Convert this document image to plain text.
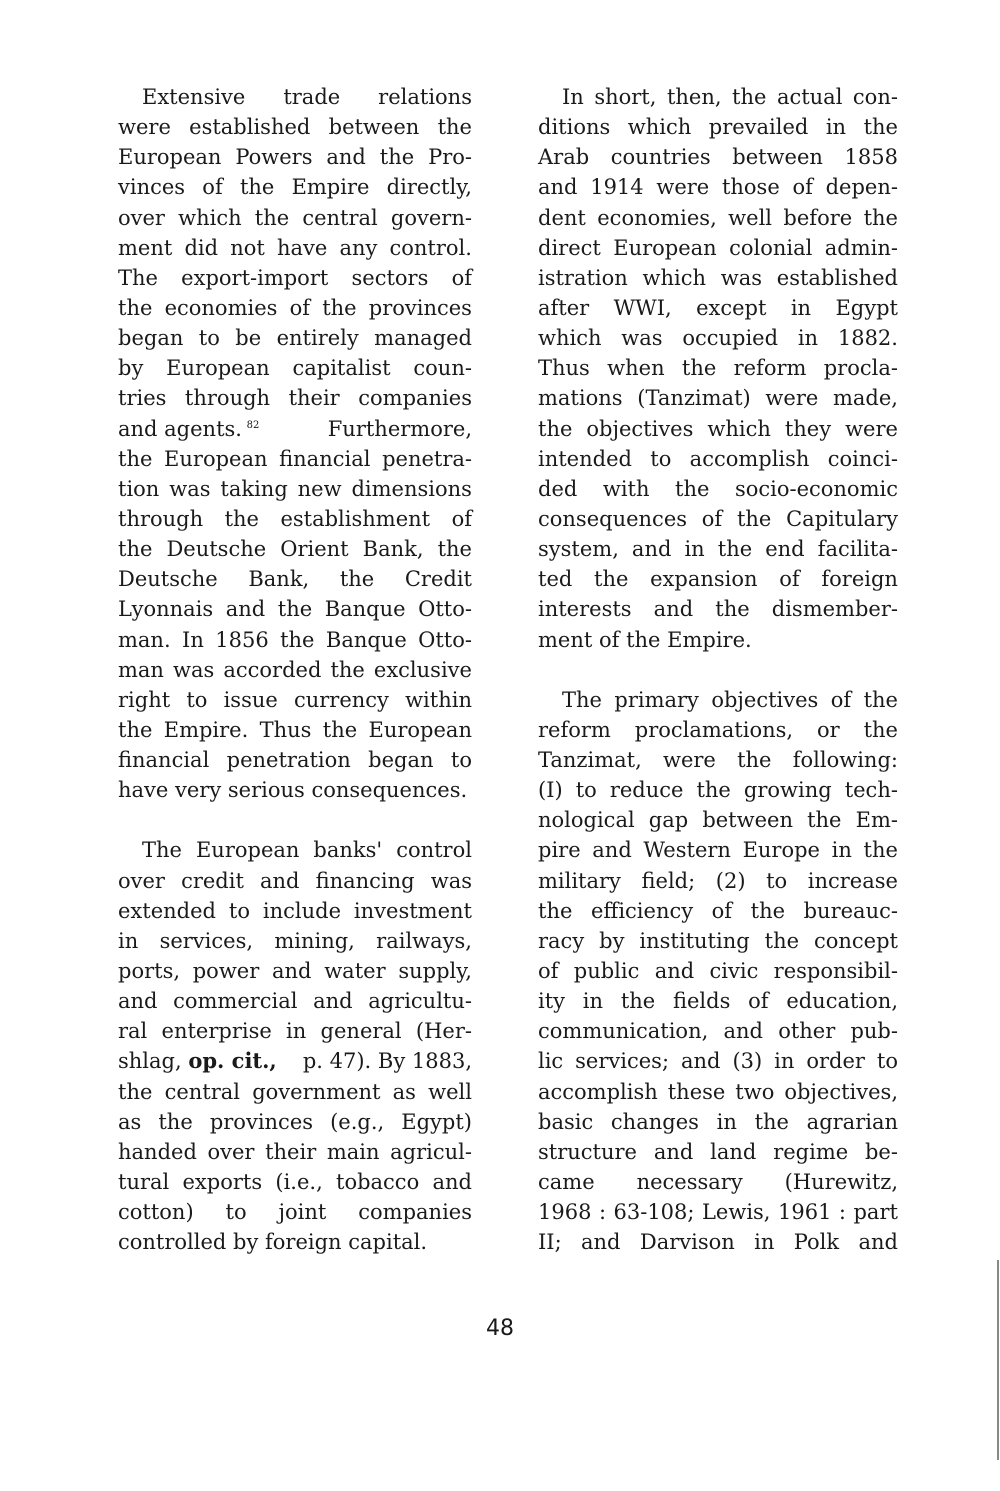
Extensive trade relations
were established between the
European Powers and the Pro-
vinces of the Empire directly,
over which the central govern-
ment did not have any control.
The export-import sectors of
the economies of the provinces
began to be entirely managed
by European capitalist coun-
tries through their companies
and agents. $^{82}$	Furthermore,
the European financial penetra-
tion was taking new dimensions
through the establishment of
the Deutsche Orient Bank, the
Deutsche Bank, the Credit
Lyonnais and the Banque Otto-
man. In 1856 the Banque Otto-
man was accorded the exclusive
right to issue currency within
the Empire. Thus the European
financial penetration began to
have very serious consequences.
The European banks' control
over credit and financing was
extended to include investment
in services, mining, railways,
ports, power and water supply,
and commercial and agricultu-
ral enterprise in general (Her-
shlag, op. cit., p. 47). By 1883,
the central government as well
as the provinces (e.g., Egypt)
handed over their main agricul-
tural exports (i.e., tobacco and
cotton) to joint companies
controlled by foreign capital.
In short, then, the actual con-
ditions which prevailed in the
Arab countries between 1858
and 1914 were those of depen-
dent economies, well before the
direct European colonial admin-
istration which was established
after WWI, except in Egypt
which was occupied in 1882.
Thus when the reform procla-
mations (Tanzimat) were made,
the objectives which they were
intended to accomplish coinci-
ded with the socio-economic
consequences of the Capitulary
system, and in the end facilita-
ted the expansion of foreign
interests and the dismember-
ment of the Empire.
The primary objectives of the
reform proclamations, or the
Tanzimat, were the following:
(I) to reduce the growing tech-
nological gap between the Em-
pire and Western Europe in the
military field; (2) to increase
the efficiency of the bureauc-
racy by instituting the concept
of public and civic responsibil-
ity in the fields of education,
communication, and other pub-
lic services; and (3) in order to
accomplish these two objectives,
basic changes in the agrarian
structure and land regime be-
came necessary (Hurewitz,
1968 : 63-108; Lewis, 1961 : part
II; and Darvison in Polk and
48
